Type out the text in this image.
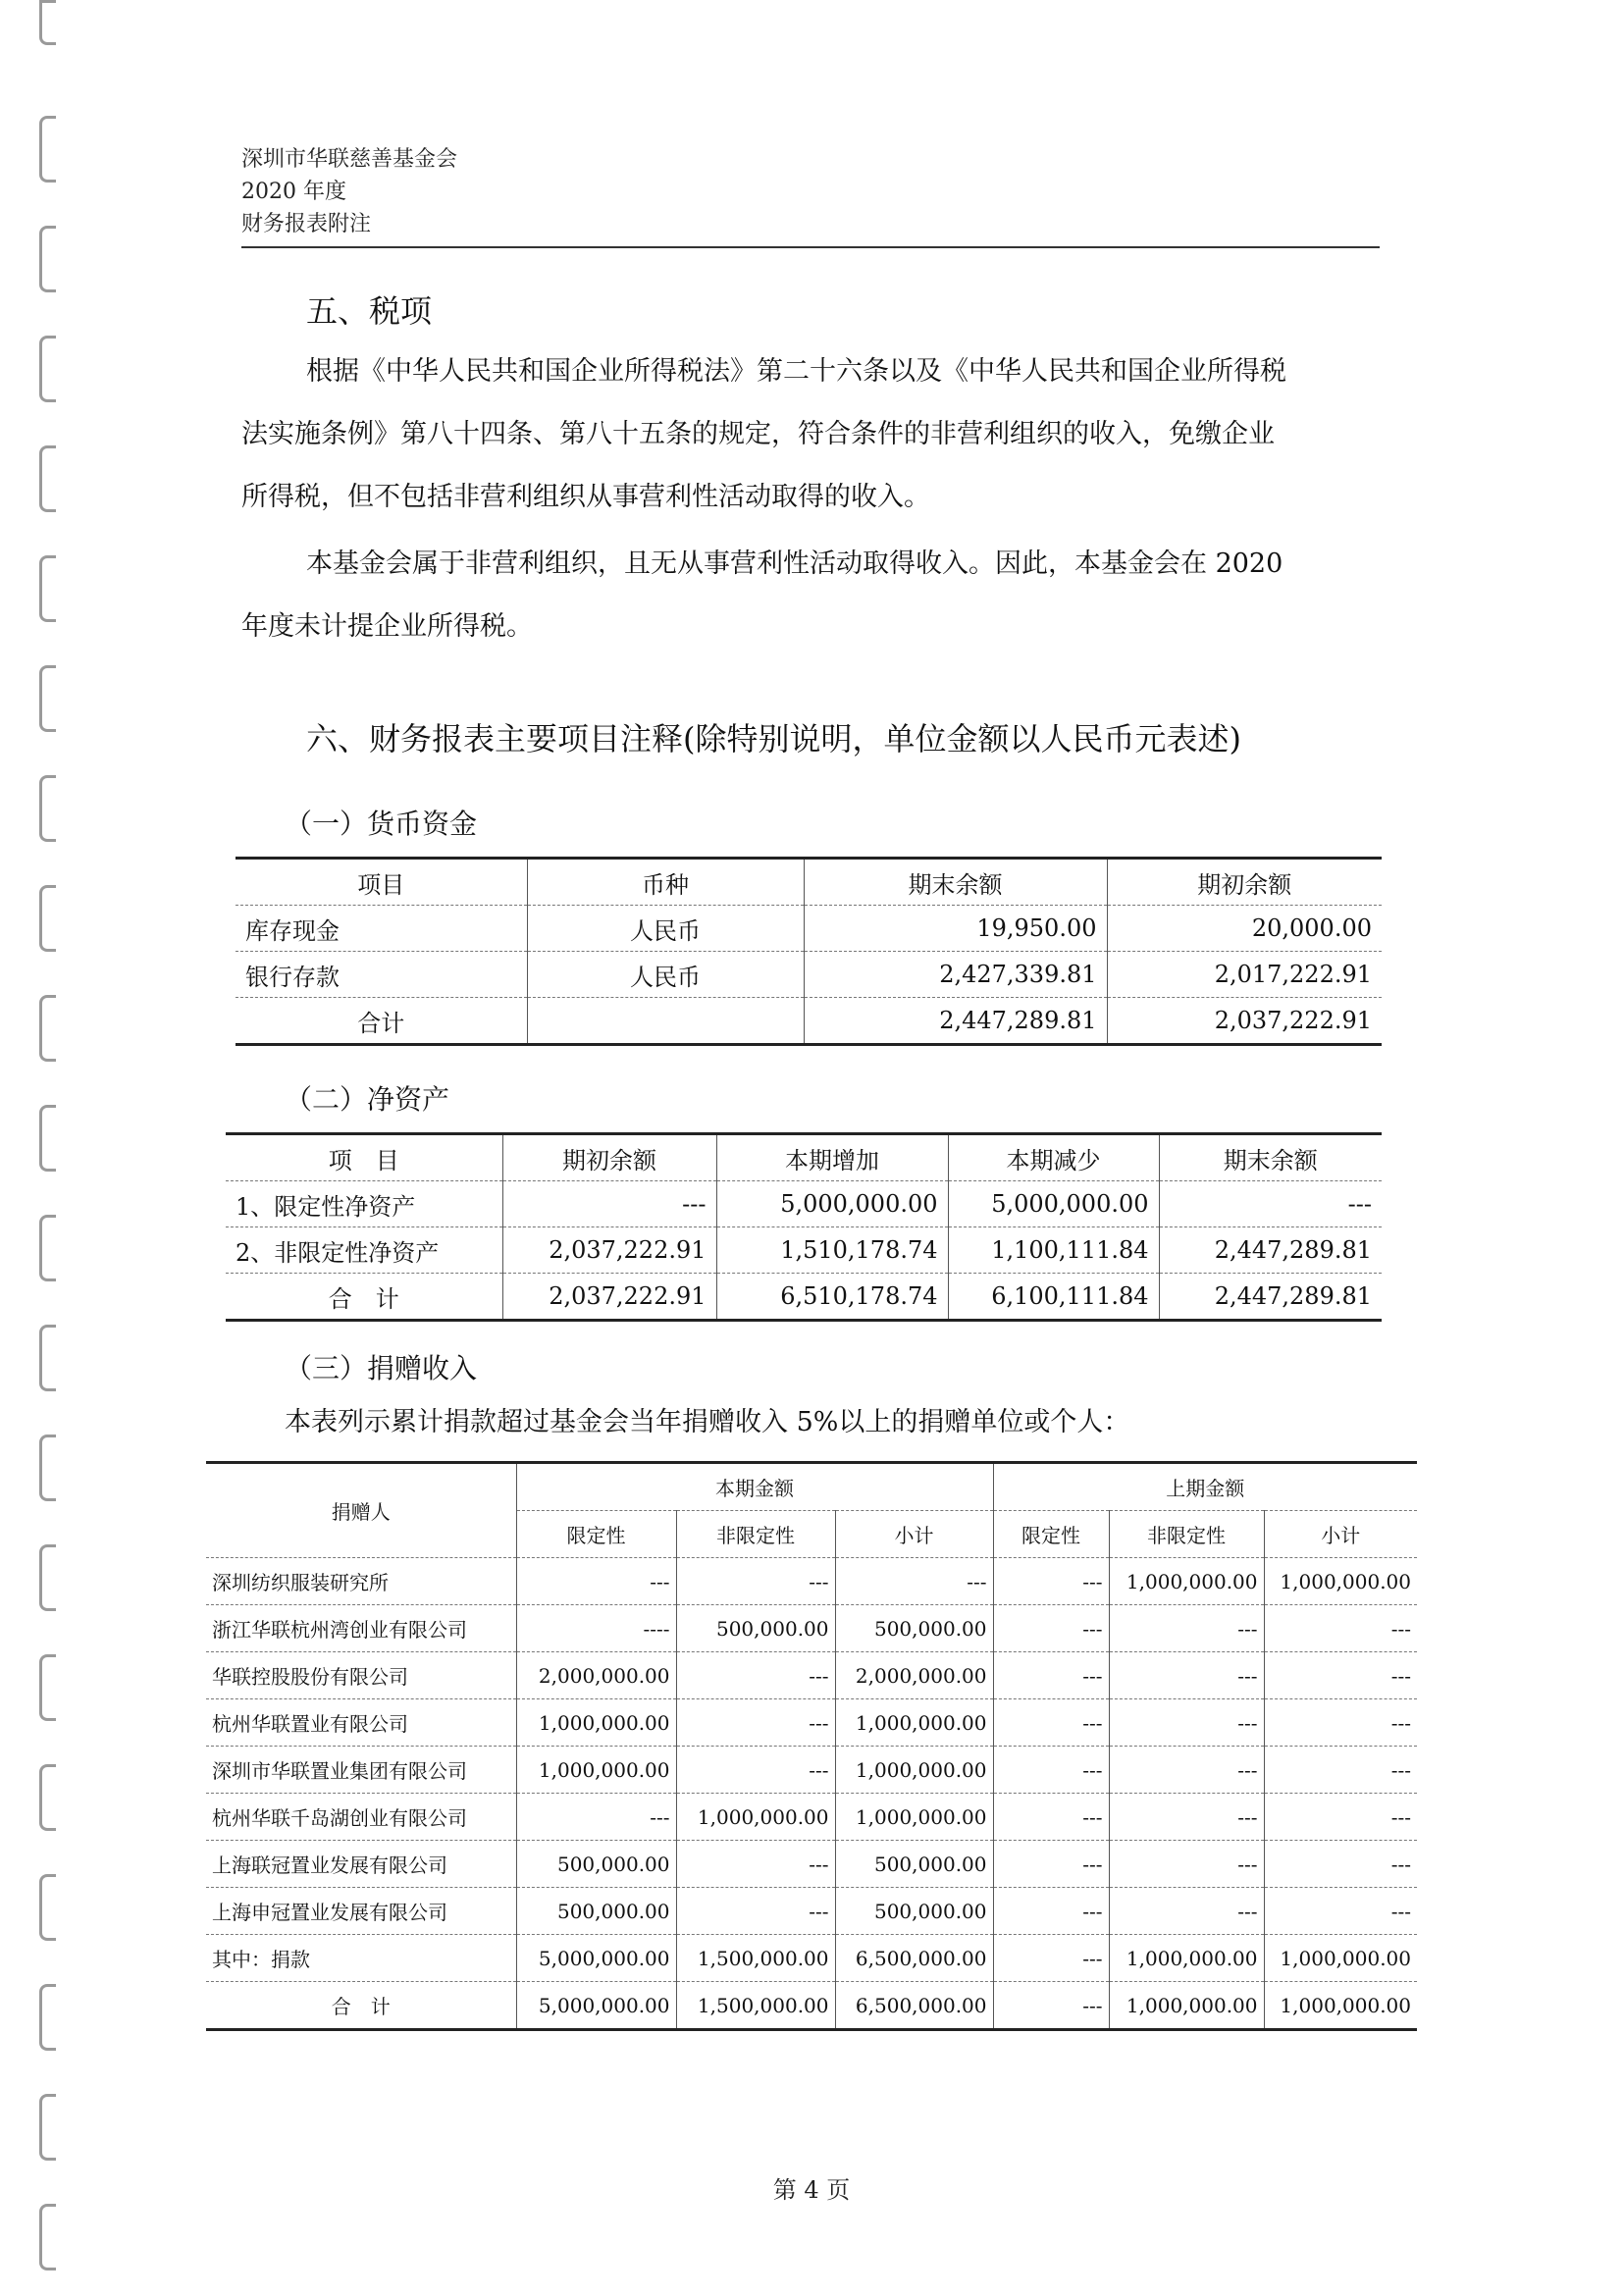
深圳市华联慈善基金会
2020 年度
财务报表附注
五、税项
根据《中华人民共和国企业所得税法》第二十六条以及《中华人民共和国企业所得税
法实施条例》第八十四条、第八十五条的规定，符合条件的非营利组织的收入，免缴企业
所得税，但不包括非营利组织从事营利性活动取得的收入。
本基金会属于非营利组织，且无从事营利性活动取得收入。因此，本基金会在 2020
年度未计提企业所得税。
六、财务报表主要项目注释(除特别说明，单位金额以人民币元表述)
（一）货币资金
项目	币种	期末余额	期初余额
库存现金	人民币	19,950.00	20,000.00
银行存款	人民币	2,427,339.81	2,017,222.91
合计		2,447,289.81	2,037,222.91
（二）净资产
项　目	期初余额	本期增加	本期减少	期末余额
1、限定性净资产	---	5,000,000.00	5,000,000.00	---
2、非限定性净资产	2,037,222.91	1,510,178.74	1,100,111.84	2,447,289.81
合　计	2,037,222.91	6,510,178.74	6,100,111.84	2,447,289.81
（三）捐赠收入
本表列示累计捐款超过基金会当年捐赠收入 5%以上的捐赠单位或个人：
捐赠人	本期金额			上期金额		
	限定性	非限定性	小计	限定性	非限定性	小计
深圳纺织服装研究所	---	---	---	---	1,000,000.00	1,000,000.00
浙江华联杭州湾创业有限公司	----	500,000.00	500,000.00	---	---	---
华联控股股份有限公司	2,000,000.00	---	2,000,000.00	---	---	---
杭州华联置业有限公司	1,000,000.00	---	1,000,000.00	---	---	---
深圳市华联置业集团有限公司	1,000,000.00	---	1,000,000.00	---	---	---
杭州华联千岛湖创业有限公司	---	1,000,000.00	1,000,000.00	---	---	---
上海联冠置业发展有限公司	500,000.00	---	500,000.00	---	---	---
上海申冠置业发展有限公司	500,000.00	---	500,000.00	---	---	---
其中：捐款	5,000,000.00	1,500,000.00	6,500,000.00	---	1,000,000.00	1,000,000.00
合　计	5,000,000.00	1,500,000.00	6,500,000.00	---	1,000,000.00	1,000,000.00
第 4 页
